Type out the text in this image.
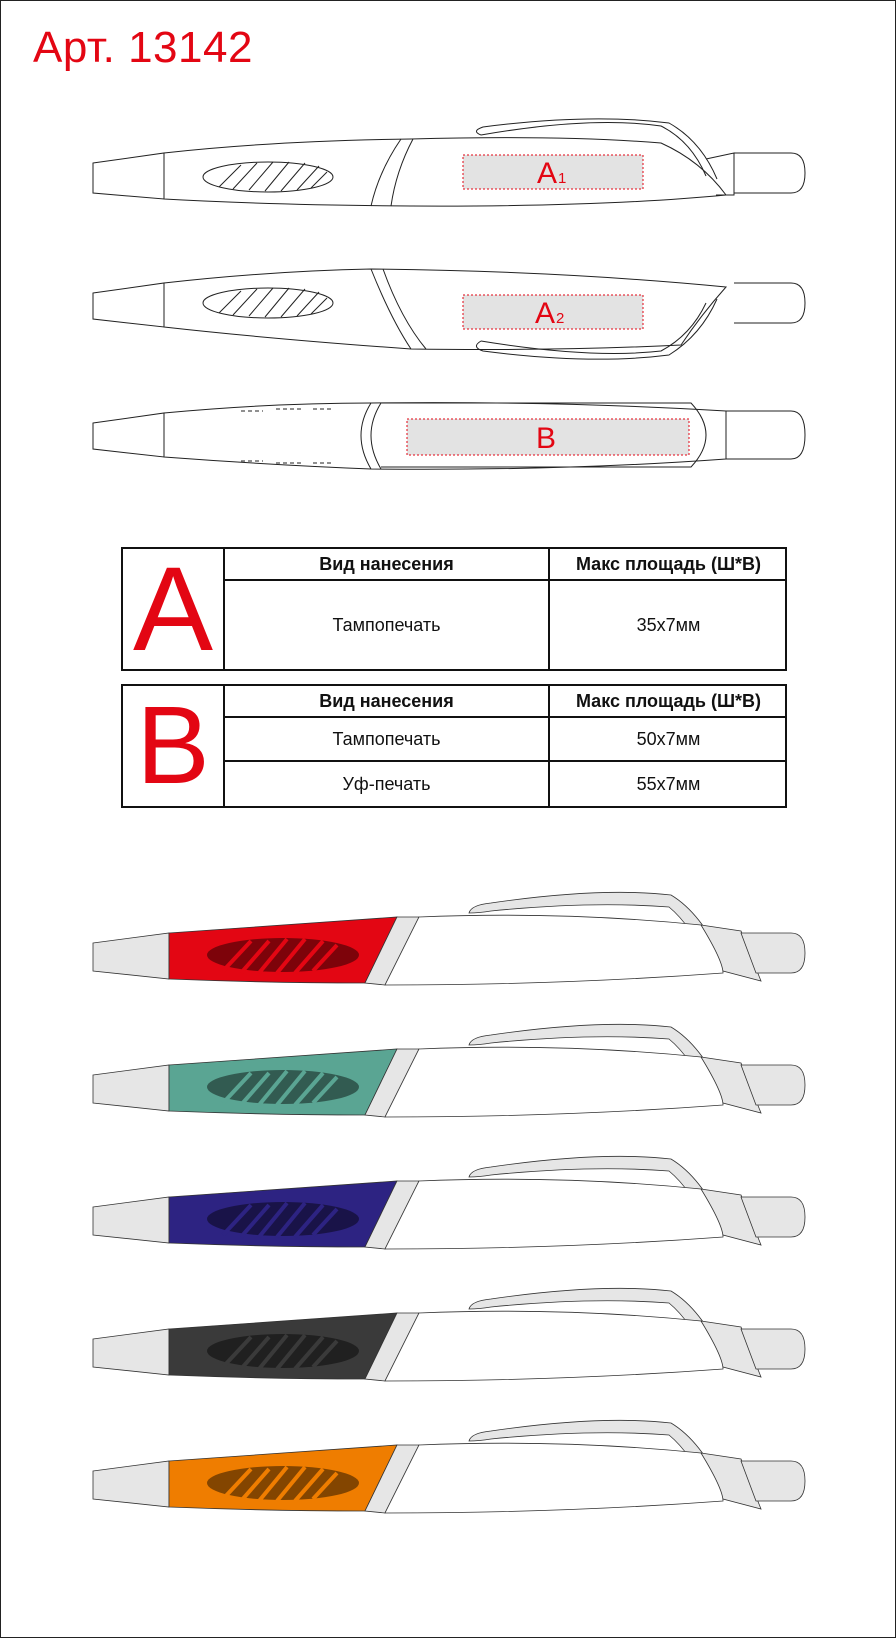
Арт. 13142
A 1
A 2
B
A	Вид нанесения	Макс площадь (Ш*В)
Тампопечать	35x7мм
B	Вид нанесения	Макс площадь (Ш*В)
Тампопечать	50x7мм
Уф-печать	55x7мм
